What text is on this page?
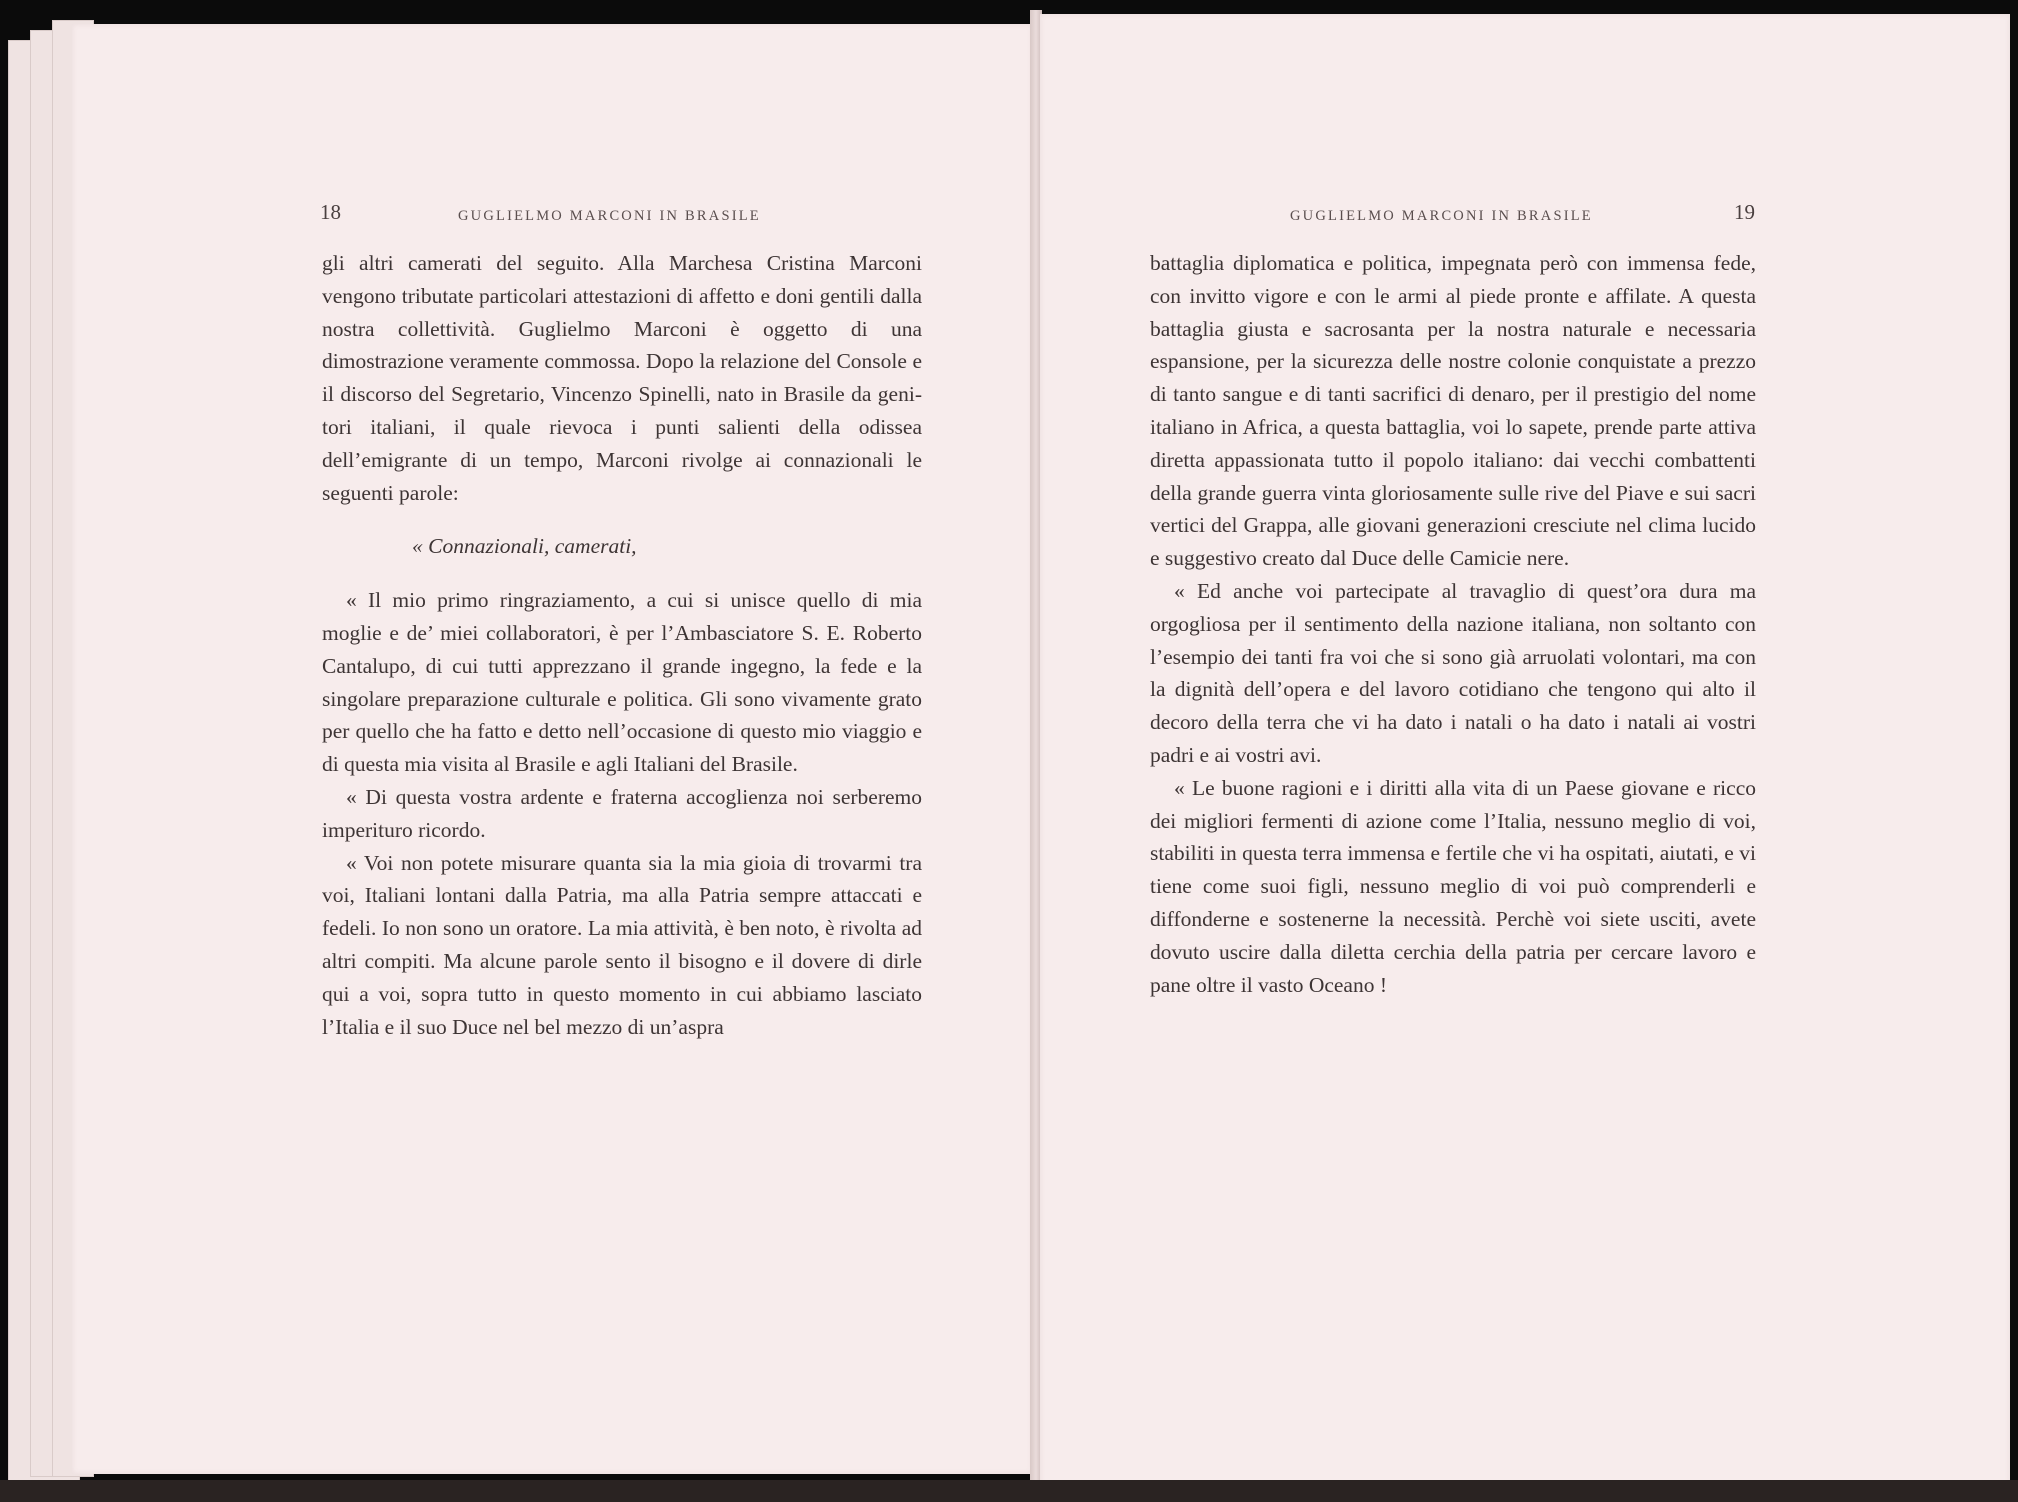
18	GUGLIELMO MARCONI IN BRASILE

gli altri camerati del seguito. Alla Marchesa Cristina Marconi vengono tributate particolari attestazioni di affetto e doni gentili dalla nostra collettività. Guglielmo Marconi è oggetto di una dimostrazione veramente commossa. Dopo la relazione del Console e il discorso del Segretario, Vincenzo Spinelli, nato in Brasile da genitori italiani, il quale rievoca i punti salienti della odissea dell’emigrante di un tempo, Marconi rivolge ai connazionali le seguenti parole:

« Connazionali, camerati,

« Il mio primo ringraziamento, a cui si unisce quello di mia moglie e de’ miei collaboratori, è per l’Ambasciatore S. E. Roberto Cantalupo, di cui tutti apprezzano il grande ingegno, la fede e la singolare preparazione culturale e politica. Gli sono vivamente grato per quello che ha fatto e detto nell’occasione di questo mio viaggio e di questa mia visita al Brasile e agli Italiani del Brasile.

« Di questa vostra ardente e fraterna accoglienza noi serberemo imperituro ricordo.

« Voi non potete misurare quanta sia la mia gioia di trovarmi tra voi, Italiani lontani dalla Patria, ma alla Patria sempre attaccati e fedeli. Io non sono un oratore. La mia attività, è ben noto, è rivolta ad altri compiti. Ma alcune parole sento il bisogno e il dovere di dirle qui a voi, sopra tutto in questo momento in cui abbiamo lasciato l’Italia e il suo Duce nel bel mezzo di un’aspra

GUGLIELMO MARCONI IN BRASILE	19

battaglia diplomatica e politica, impegnata però con immensa fede, con invitto vigore e con le armi al piede pronte e affilate. A questa battaglia giusta e sacrosanta per la nostra naturale e necessaria espansione, per la sicurezza delle nostre colonie conquistate a prezzo di tanto sangue e di tanti sacrifici di denaro, per il prestigio del nome italiano in Africa, a questa battaglia, voi lo sapete, prende parte attiva diretta appassionata tutto il popolo italiano: dai vecchi combattenti della grande guerra vinta gloriosamente sulle rive del Piave e sui sacri vertici del Grappa, alle giovani generazioni cresciute nel clima lucido e suggestivo creato dal Duce delle Camicie nere.

« Ed anche voi partecipate al travaglio di quest’ora dura ma orgogliosa per il sentimento della nazione italiana, non soltanto con l’esempio dei tanti fra voi che si sono già arruolati volontari, ma con la dignità dell’opera e del lavoro cotidiano che tengono qui alto il decoro della terra che vi ha dato i natali o ha dato i natali ai vostri padri e ai vostri avi.

« Le buone ragioni e i diritti alla vita di un Paese giovane e ricco dei migliori fermenti di azione come l’Italia, nessuno meglio di voi, stabiliti in questa terra immensa e fertile che vi ha ospitati, aiutati, e vi tiene come suoi figli, nessuno meglio di voi può comprenderli e diffonderne e sostenerne la necessità. Perchè voi siete usciti, avete dovuto uscire dalla diletta cerchia della patria per cercare lavoro e pane oltre il vasto Oceano !
